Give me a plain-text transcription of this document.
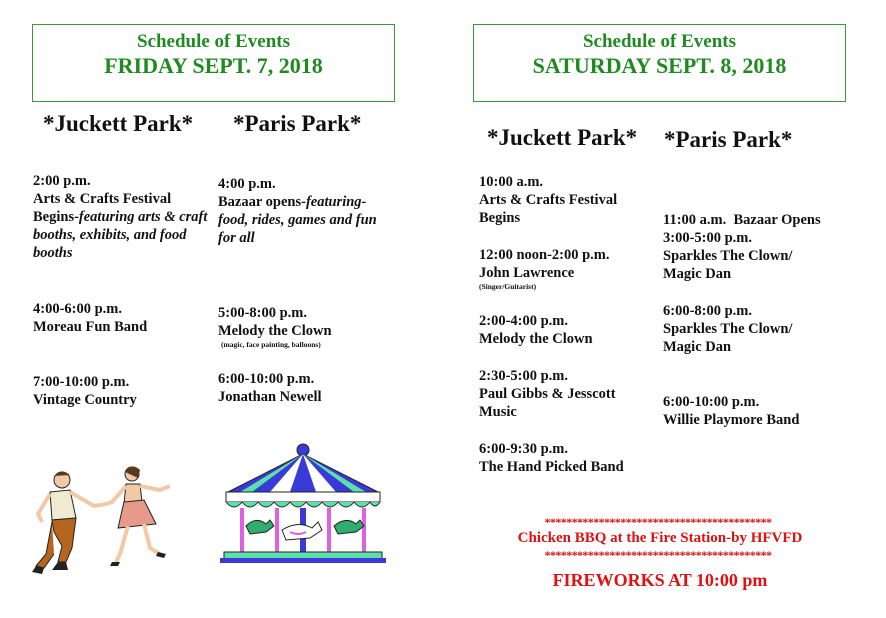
Schedule of Events
FRIDAY SEPT. 7, 2018
Schedule of Events
SATURDAY SEPT. 8, 2018
*Juckett Park* *Paris Park*
2:00 p.m.
Arts & Crafts Festival
Begins-featuring arts & craft booths, exhibits, and food booths
4:00-6:00 p.m.
Moreau Fun Band
7:00-10:00 p.m.
Vintage Country
4:00 p.m.
Bazaar opens-featuring- food, rides, games and fun for all
5:00-8:00 p.m.
Melody the Clown
(magic, face painting, balloons)
6:00-10:00 p.m.
Jonathan Newell
*Juckett Park* *Paris Park*
10:00 a.m.
Arts & Crafts Festival Begins
12:00 noon-2:00 p.m.
John Lawrence
(Singer/Guitarist)
2:00-4:00 p.m.
Melody the Clown
2:30-5:00 p.m.
Paul Gibbs & Jesscott Music
6:00-9:30 p.m.
The Hand Picked Band

11:00 a.m.  Bazaar Opens

3:00-5:00 p.m.
Sparkles The Clown/ Magic Dan
6:00-8:00 p.m.
Sparkles The Clown/ Magic Dan
6:00-10:00 p.m.
Willie Playmore Band
******************************************
Chicken BBQ at the Fire Station-by HFVFD
******************************************
FIREWORKS AT 10:00 pm
